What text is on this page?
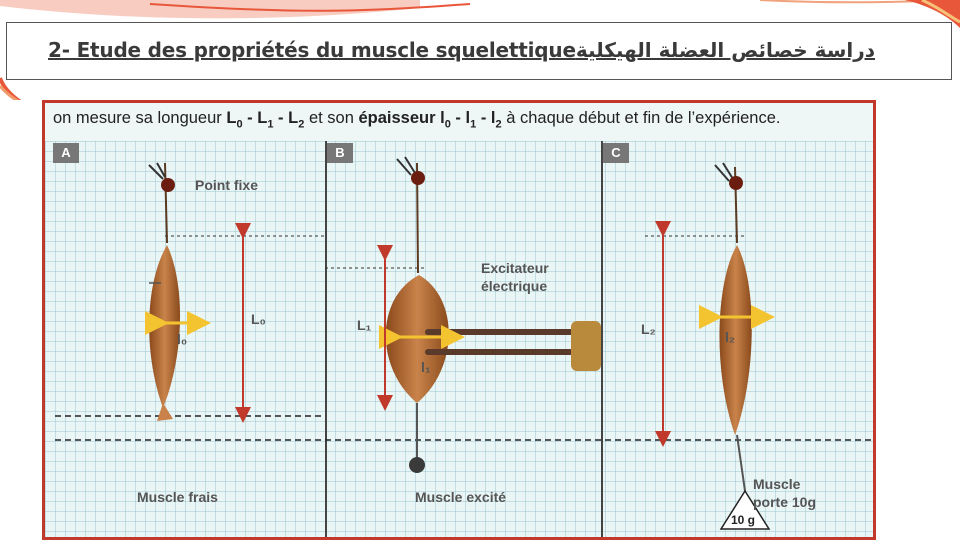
2- Etude des propriétés du muscle squelettiqueدراسة خصائص العضلة الهيكلية
on mesure sa longueur $L_0 - L_1 - L_2$ et son épaisseur $l_0 - l_1 - l_2$ à chaque début et fin de l’expérience.
A	B	C
Point fixe
Excitateur électrique
L₀
l₀
L₁
l₁
L₂	l₂
10 g
Muscle frais	Muscle excité
Muscle porte 10g
